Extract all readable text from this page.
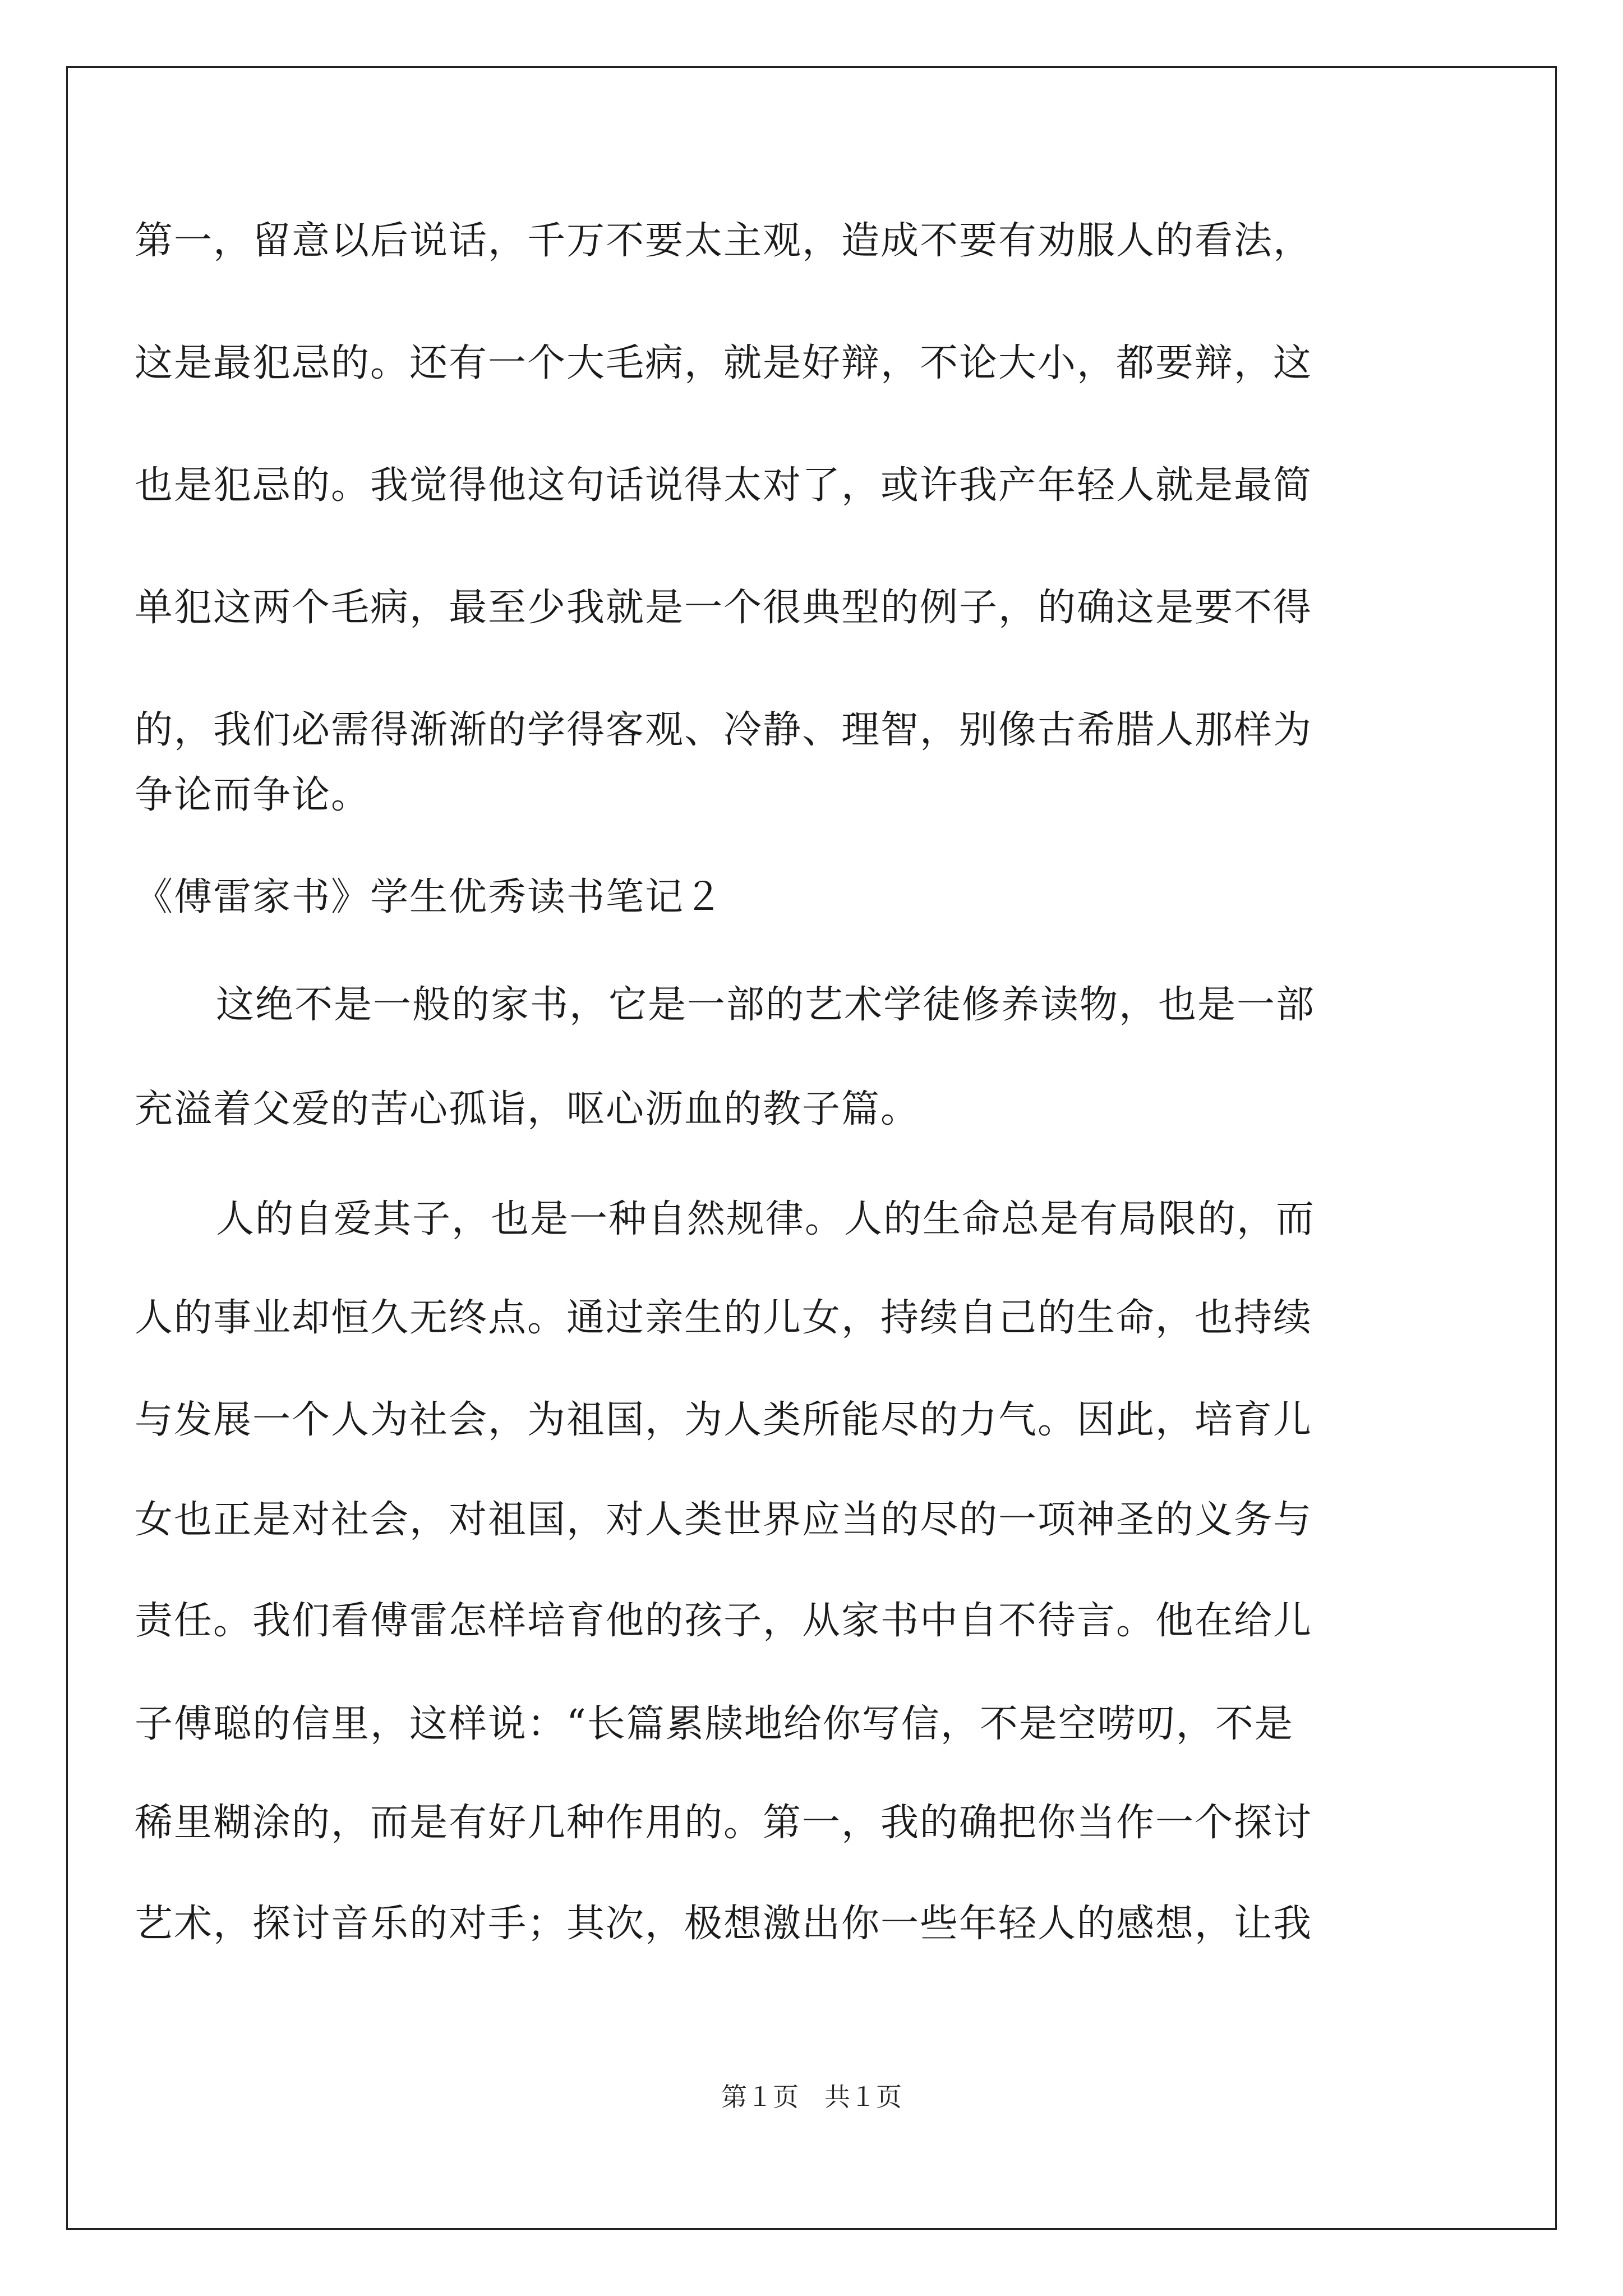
第一，留意以后说话，千万不要太主观，造成不要有劝服人的看法，
这是最犯忌的。还有一个大毛病，就是好辩，不论大小，都要辩，这
也是犯忌的。我觉得他这句话说得太对了，或许我产年轻人就是最简
单犯这两个毛病，最至少我就是一个很典型的例子，的确这是要不得
的，我们必需得渐渐的学得客观、冷静、理智，别像古希腊人那样为
争论而争论。
《傅雷家书》学生优秀读书笔记２
这绝不是一般的家书，它是一部的艺术学徒修养读物，也是一部
充溢着父爱的苦心孤诣，呕心沥血的教子篇。
人的自爱其子，也是一种自然规律。人的生命总是有局限的，而
人的事业却恒久无终点。通过亲生的儿女，持续自己的生命，也持续
与发展一个人为社会，为祖国，为人类所能尽的力气。因此，培育儿
女也正是对社会，对祖国，对人类世界应当的尽的一项神圣的义务与
责任。我们看傅雷怎样培育他的孩子，从家书中自不待言。他在给儿
子傅聪的信里，这样说：“长篇累牍地给你写信，不是空唠叨，不是
稀里糊涂的，而是有好几种作用的。第一，我的确把你当作一个探讨
艺术，探讨音乐的对手；其次，极想激出你一些年轻人的感想，让我
第１页　共１页
